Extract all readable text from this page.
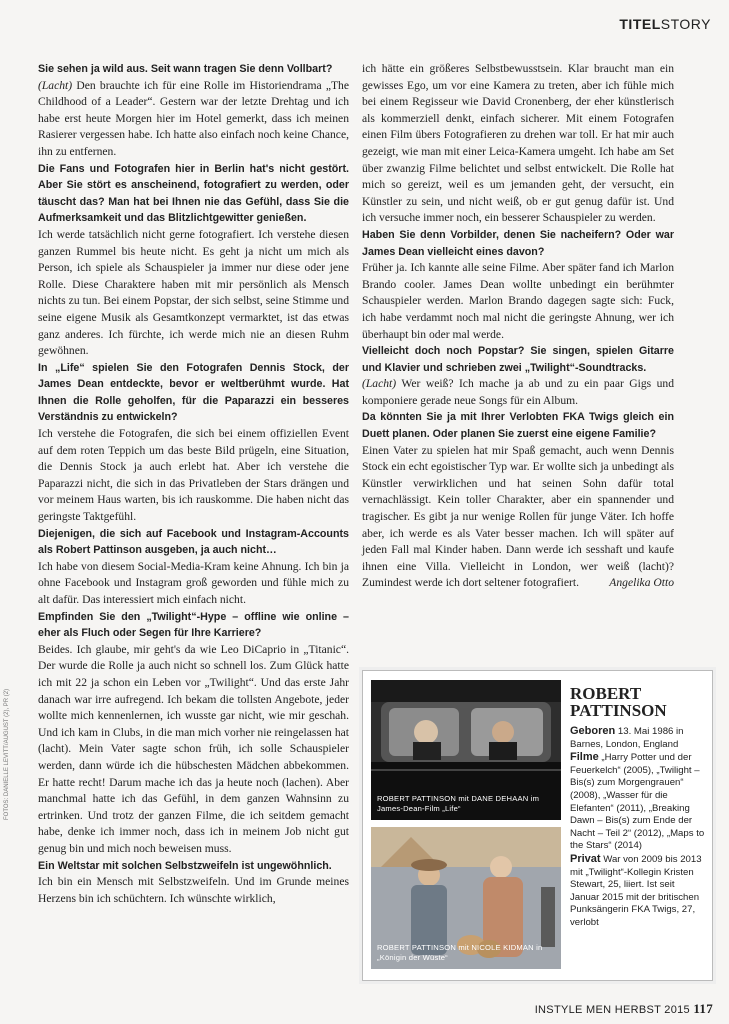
TITELSTORY

Sie sehen ja wild aus. Seit wann tragen Sie denn Vollbart?

(Lacht) Den brauchte ich für eine Rolle im Historiendrama „The Childhood of a Leader“. Gestern war der letzte Drehtag und ich habe erst heute Morgen hier im Hotel gemerkt, dass ich meinen Rasierer vergessen habe. Ich hatte also einfach noch keine Chance, ihn zu entfernen.

Die Fans und Fotografen hier in Berlin hat's nicht gestört. Aber Sie stört es anscheinend, fotografiert zu werden, oder täuscht das? Man hat bei Ihnen nie das Gefühl, dass Sie die Aufmerksamkeit und das Blitzlichtgewitter genießen.

Ich werde tatsächlich nicht gerne fotografiert. Ich verstehe diesen ganzen Rummel bis heute nicht. Es geht ja nicht um mich als Person, ich spiele als Schauspieler ja immer nur diese oder jene Rolle. Diese Charaktere haben mit mir persönlich als Mensch nichts zu tun. Bei einem Popstar, der sich selbst, seine Stimme und seine eigene Musik als Gesamtkonzept vermarktet, ist das etwas ganz anderes. Ich fürchte, ich werde mich nie an diesen Ruhm gewöhnen.

In „Life“ spielen Sie den Fotografen Dennis Stock, der James Dean entdeckte, bevor er weltberühmt wurde. Hat Ihnen die Rolle geholfen, für die Paparazzi ein besseres Verständnis zu entwickeln?

Ich verstehe die Fotografen, die sich bei einem offiziellen Event auf dem roten Teppich um das beste Bild prügeln, eine Situation, die Dennis Stock ja auch erlebt hat. Aber ich verstehe die Paparazzi nicht, die sich in das Privatleben der Stars drängen und vor meinem Haus warten, bis ich rauskomme. Die haben nicht das geringste Taktgefühl.

Diejenigen, die sich auf Facebook und Instagram-Accounts als Robert Pattinson ausgeben, ja auch nicht…

Ich habe von diesem Social-Media-Kram keine Ahnung. Ich bin ja ohne Facebook und Instagram groß geworden und fühle mich zu alt dafür. Das interessiert mich einfach nicht.

Empfinden Sie den „Twilight“-Hype – offline wie online – eher als Fluch oder Segen für Ihre Karriere?

Beides. Ich glaube, mir geht's da wie Leo DiCaprio in „Titanic“. Der wurde die Rolle ja auch nicht so schnell los. Zum Glück hatte ich mit 22 ja schon ein Leben vor „Twilight“. Und das erste Jahr danach war irre aufregend. Ich bekam die tollsten Angebote, jeder wollte mich kennenlernen, ich wusste gar nicht, wie mir geschah. Und ich kam in Clubs, in die man mich vorher nie reingelassen hat (lacht). Mein Vater sagte schon früh, ich solle Schauspieler werden, dann würde ich die hübschesten Mädchen abbekommen. Er hatte recht! Darum mache ich das ja heute noch (lachen). Aber manchmal hatte ich das Gefühl, in dem ganzen Wahnsinn zu ertrinken. Und trotz der ganzen Filme, die ich seitdem gemacht habe, denke ich immer noch, dass ich in meinem Job nicht gut genug bin und mich noch beweisen muss.

Ein Weltstar mit solchen Selbstzweifeln ist ungewöhnlich.

Ich bin ein Mensch mit Selbstzweifeln. Und im Grunde meines Herzens bin ich schüchtern. Ich wünschte wirklich,

ich hätte ein größeres Selbstbewusstsein. Klar braucht man ein gewisses Ego, um vor eine Kamera zu treten, aber ich fühle mich bei einem Regisseur wie David Cronenberg, der eher künstlerisch als kommerziell denkt, einfach sicherer. Mit einem Fotografen einen Film übers Fotografieren zu drehen war toll. Er hat mir auch gezeigt, wie man mit einer Leica-Kamera umgeht. Ich habe am Set über zwanzig Filme belichtet und selbst entwickelt. Die Rolle hat mich so gereizt, weil es um jemanden geht, der versucht, ein Künstler zu sein, und nicht weiß, ob er gut genug dafür ist. Und ich versuche immer noch, ein besserer Schauspieler zu werden.

Haben Sie denn Vorbilder, denen Sie nacheifern? Oder war James Dean vielleicht eines davon?

Früher ja. Ich kannte alle seine Filme. Aber später fand ich Marlon Brando cooler. James Dean wollte unbedingt ein berühmter Schauspieler werden. Marlon Brando dagegen sagte sich: Fuck, ich habe verdammt noch mal nicht die geringste Ahnung, wer ich überhaupt bin oder mal werde.

Vielleicht doch noch Popstar? Sie singen, spielen Gitarre und Klavier und schrieben zwei „Twilight“-Soundtracks.

(Lacht) Wer weiß? Ich mache ja ab und zu ein paar Gigs und komponiere gerade neue Songs für ein Album.

Da könnten Sie ja mit Ihrer Verlobten FKA Twigs gleich ein Duett planen. Oder planen Sie zuerst eine eigene Familie?

Einen Vater zu spielen hat mir Spaß gemacht, auch wenn Dennis Stock ein echt egoistischer Typ war. Er wollte sich ja unbedingt als Künstler verwirklichen und hat seinen Sohn dafür total vernachlässigt. Kein toller Charakter, aber ein spannender und tragischer. Es gibt ja nur wenige Rollen für junge Väter. Ich hoffe aber, ich werde es als Vater besser machen. Ich will später auf jeden Fall mal Kinder haben. Dann werde ich sesshaft und kaufe ihnen eine Villa. Vielleicht in London, wer weiß (lacht)? Zumindest werde ich dort seltener fotografiert.	Angelika Otto

FOTOS: DANIELLE LEVITT/AUGUST (2), PR (2)	ROBERT PATTINSON mit DANE DEHAAN im James-Dean-Film „Life“
ROBERT PATTINSON mit NICOLE KIDMAN in „Königin der Wüste“
ROBERT
PATTINSON
Geboren 13. Mai 1986 in Barnes, London, England
Filme „Harry Potter und der Feuerkelch“ (2005), „Twilight – Bis(s) zum Morgengrauen“ (2008), „Wasser für die Elefanten“ (2011), „Breaking Dawn – Bis(s) zum Ende der Nacht – Teil 2“ (2012), „Maps to the Stars“ (2014)
Privat War von 2009 bis 2013 mit „Twilight“-Kollegin Kristen Stewart, 25, liiert. Ist seit Januar 2015 mit der britischen Punksängerin FKA Twigs, 27, verlobt
INSTYLE MEN HERBST 2015 117
